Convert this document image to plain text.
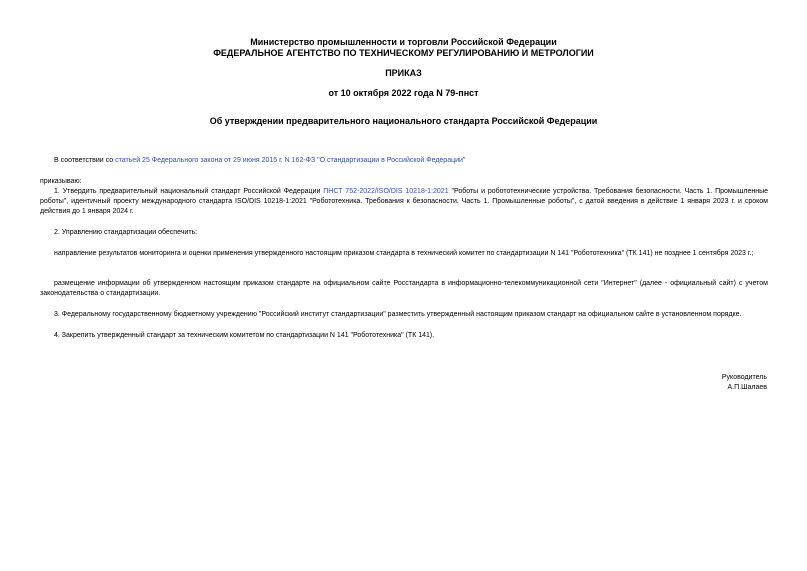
Министерство промышленности и торговли Российской Федерации
ФЕДЕРАЛЬНОЕ АГЕНТСТВО ПО ТЕХНИЧЕСКОМУ РЕГУЛИРОВАНИЮ И МЕТРОЛОГИИ
ПРИКАЗ
от 10 октября 2022 года N 79-пнст
Об утверждении предварительного национального стандарта Российской Федерации
В соответствии со статьей 25 Федерального закона от 29 июня 2015 г. N 162-ФЗ "О стандартизации в Российской Федерации"
приказываю:
1. Утвердить предварительный национальный стандарт Российской Федерации ПНСТ 752-2022/ISO/DIS 10218-1:2021 "Роботы и робототехнические устройства. Требования безопасности. Часть 1. Промышленные роботы", идентичный проекту международного стандарта ISO/DIS 10218-1:2021 "Робототехника. Требования к безопасности. Часть 1. Промышленные роботы", с датой введения в действие 1 января 2023 г. и сроком действия до 1 января 2024 г.
2. Управлению стандартизации обеспечить:
направление результатов мониторинга и оценки применения утвержденного настоящим приказом стандарта в технический комитет по стандартизации N 141 "Робототехника" (ТК 141) не позднее 1 сентября 2023 г.;
размещение информации об утвержденном настоящим приказом стандарте на официальном сайте Росстандарта в информационно-телекоммуникационной сети "Интернет" (далее - официальный сайт) с учетом законодательства о стандартизации.
3. Федеральному государственному бюджетному учреждению "Российский институт стандартизации" разместить утвержденный настоящим приказом стандарт на официальном сайте в установленном порядке.
4. Закрепить утвержденный стандарт за техническим комитетом по стандартизации N 141 "Робототехника" (ТК 141).
Руководитель
А.П.Шалаев
